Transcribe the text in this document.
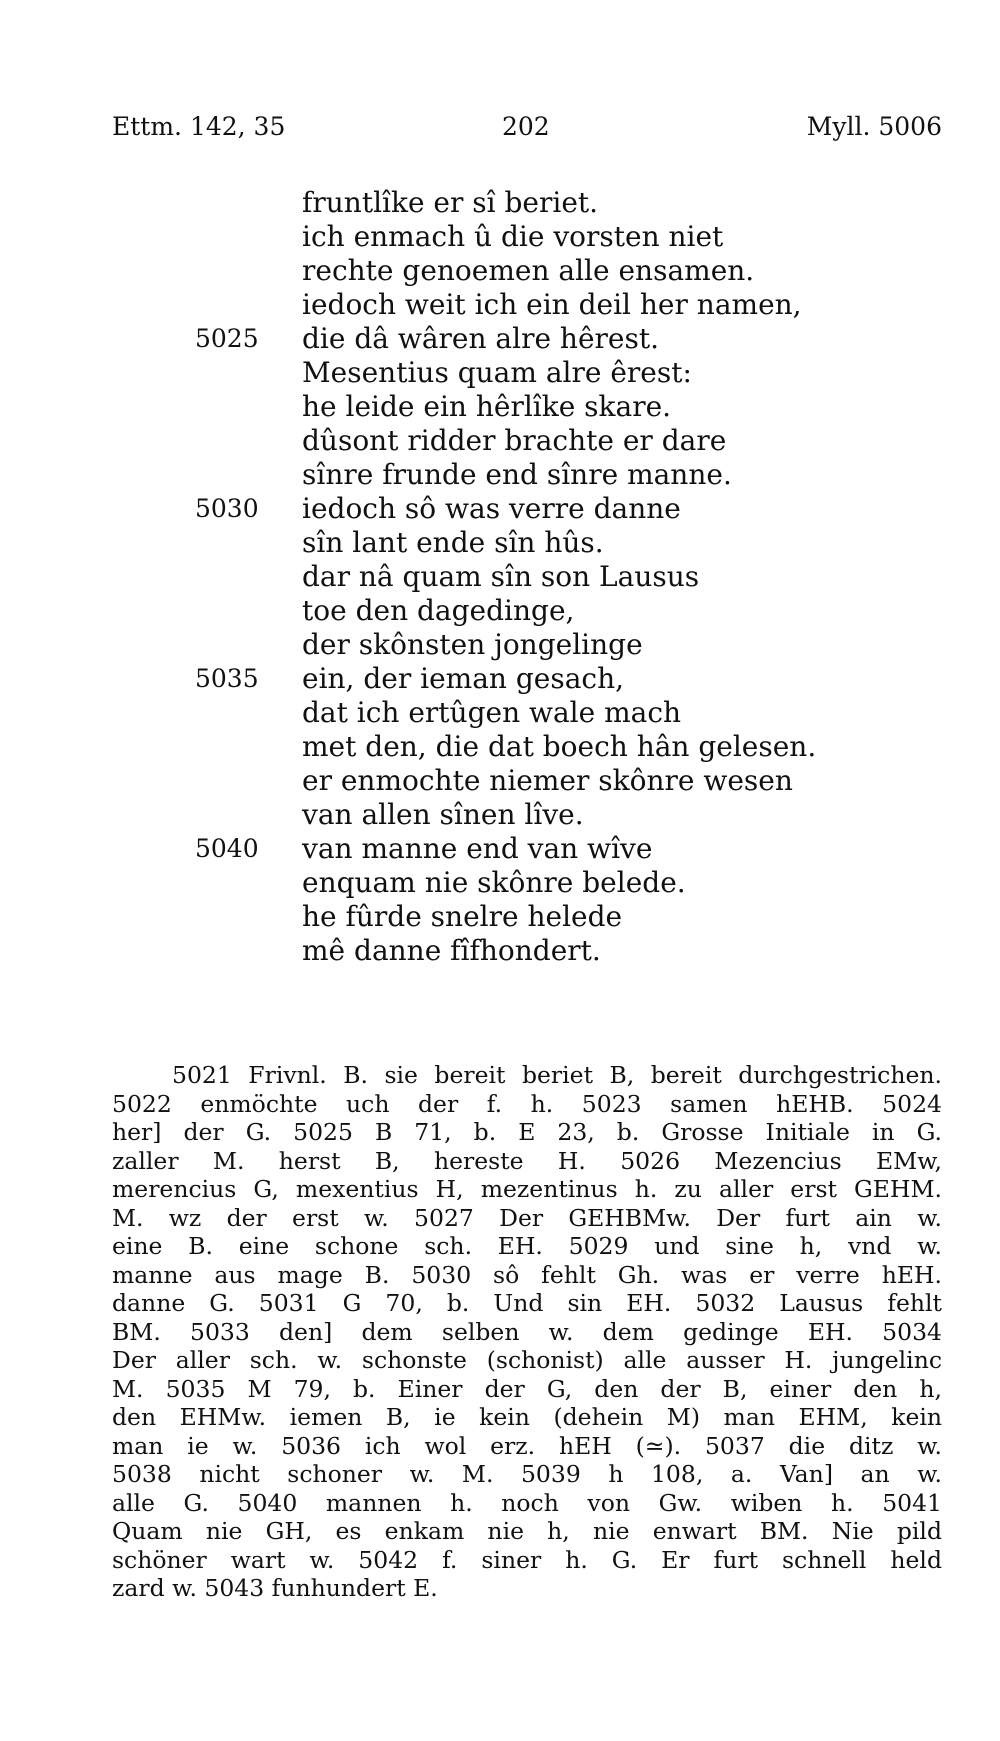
Ettm. 142, 35	202	Myll. 5006
fruntlîke er sî beriet.
ich enmach û die vorsten niet
rechte genoemen alle ensamen.
iedoch weit ich ein deil her namen,
5025 die dâ wâren alre hêrest.
Mesentius quam alre êrest:
he leide ein hêrlîke skare.
dûsont ridder brachte er dare
sînre frunde end sînre manne.
5030 iedoch sô was verre danne
sîn lant ende sîn hûs.
dar nâ quam sîn son Lausus
toe den dagedinge,
der skônsten jongelinge
5035 ein, der ieman gesach,
dat ich ertûgen wale mach
met den, die dat boech hân gelesen.
er enmochte niemer skônre wesen
van allen sînen lîve.
5040 van manne end van wîve
enquam nie skônre belede.
he fûrde snelre helede
mê danne fîfhondert.
5021 Frivnl. B. sie bereit beriet B, bereit durchgestrichen.
5022 enmöchte uch der f. h. 5023 samen hEHB. 5024
her] der G. 5025 B 71, b. E 23, b. Grosse Initiale in G.
zaller M. herst B, hereste H. 5026 Mezencius EMw,
merencius G, mexentius H, mezentinus h. zu aller erst GEHM.
M. wz der erst w. 5027 Der GEHBMw. Der furt ain w.
eine B. eine schone sch. EH. 5029 und sine h, vnd w.
manne aus mage B. 5030 sô fehlt Gh. was er verre hEH.
danne G. 5031 G 70, b. Und sin EH. 5032 Lausus fehlt
BM. 5033 den] dem selben w. dem gedinge EH. 5034
Der aller sch. w. schonste (schonist) alle ausser H. jungelinc
M. 5035 M 79, b. Einer der G, den der B, einer den h,
den EHMw. iemen B, ie kein (dehein M) man EHM, kein
man ie w. 5036 ich wol erz. hEH (≃). 5037 die ditz w.
5038 nicht schoner w. M. 5039 h 108, a. Van] an w.
alle G. 5040 mannen h. noch von Gw. wiben h. 5041
Quam nie GH, es enkam nie h, nie enwart BM. Nie pild
schöner wart w. 5042 f. siner h. G. Er furt schnell held
zard w. 5043 funhundert E.
